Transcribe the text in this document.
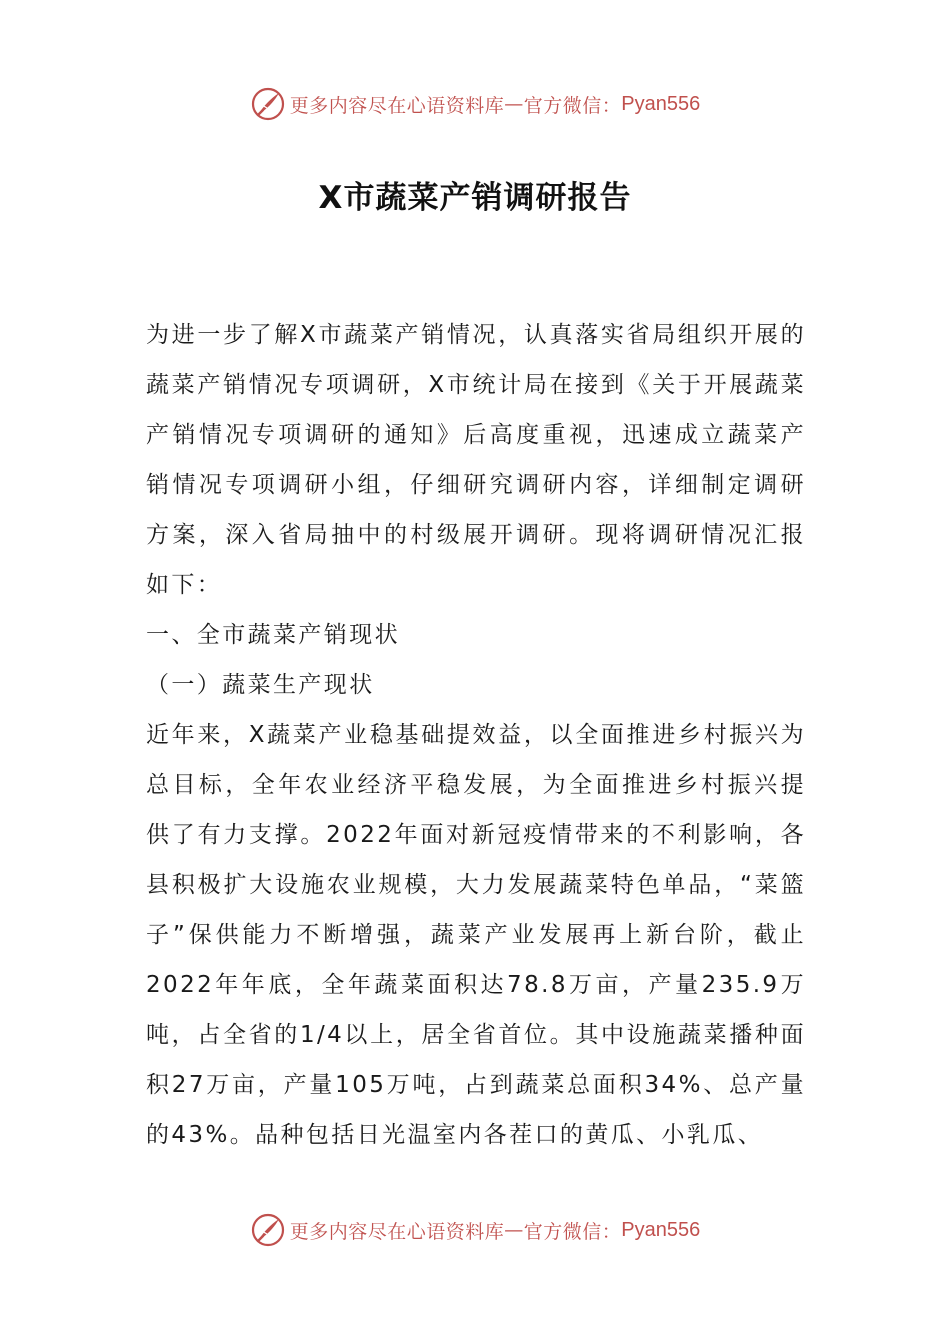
更多内容尽在心语资料库 — 官方微信： Pyan556
X市蔬菜产销调研报告

为进一步了解X市蔬菜产销情况，认真落实省局组织开展的蔬菜产销情况专项调研，X市统计局在接到《关于开展蔬菜产销情况专项调研的通知》后高度重视，迅速成立蔬菜产销情况专项调研小组，仔细研究调研内容，详细制定调研方案，深入省局抽中的村级展开调研。现将调研情况汇报如下：

一、全市蔬菜产销现状

（一）蔬菜生产现状

近年来，X蔬菜产业稳基础提效益，以全面推进乡村振兴为总目标，全年农业经济平稳发展，为全面推进乡村振兴提供了有力支撑。2022年面对新冠疫情带来的不利影响，各县积极扩大设施农业规模，大力发展蔬菜特色单品，“菜篮子”保供能力不断增强，蔬菜产业发展再上新台阶，截止2022年年底，全年蔬菜面积达78.8万亩，产量235.9万吨，占全省的1/4以上，居全省首位。其中设施蔬菜播种面积27万亩，产量105万吨，占到蔬菜总面积34%、总产量的43%。品种包括日光温室内各茬口的黄瓜、小乳瓜、

更多内容尽在心语资料库 — 官方微信： Pyan556
